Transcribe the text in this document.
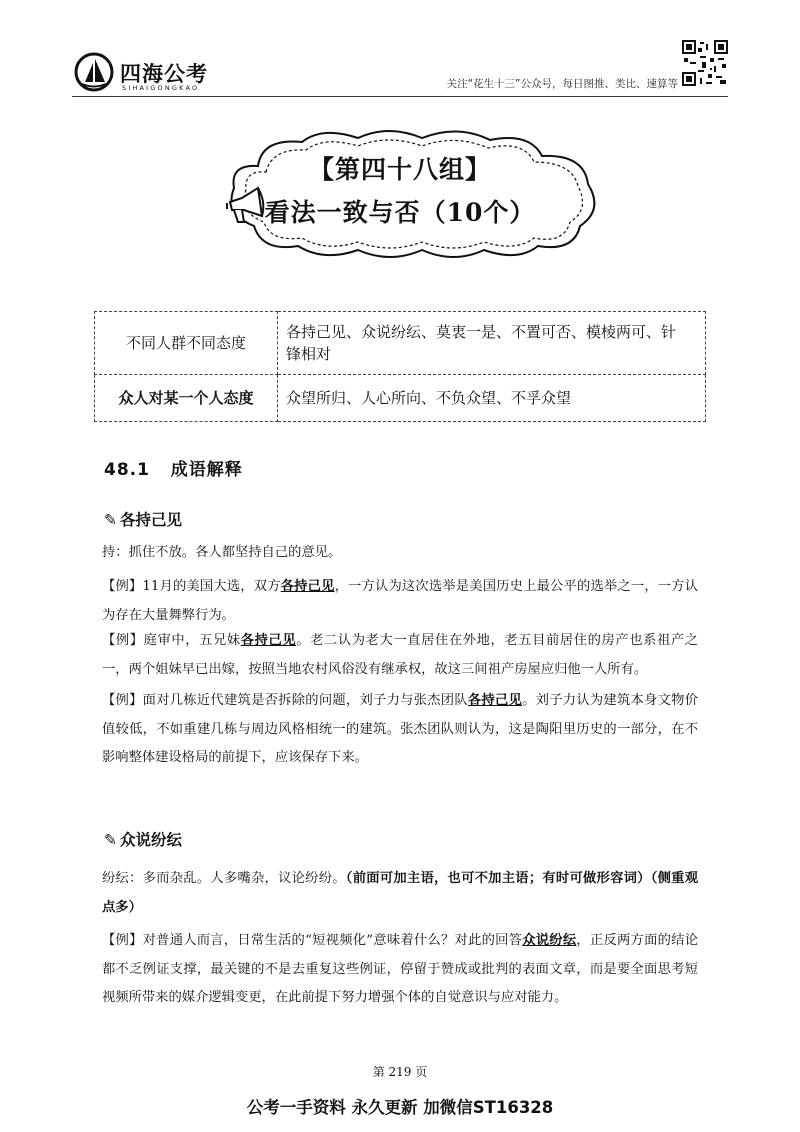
四海公考
SIHAIGONGKAO	关注“花生十三”公众号，每日图推、类比、速算等
【第四十八组】
看法一致与否（10个）
不同人群不同态度	各持己见、众说纷纭、莫衷一是、不置可否、模棱两可、针
锋相对
众人对某一个人态度	众望所归、人心所向、不负众望、不孚众望
48.1 成语解释
✎ 各持己见
持：抓住不放。各人都坚持自己的意见。
【例】11月的美国大选，双方各持己见，一方认为这次选举是美国历史上最公平的选举之一，一方认为存在大量舞弊行为。
【例】庭审中，五兄妹各持己见。老二认为老大一直居住在外地，老五目前居住的房产也系祖产之一，两个姐妹早已出嫁，按照当地农村风俗没有继承权，故这三间祖产房屋应归他一人所有。
【例】面对几栋近代建筑是否拆除的问题，刘子力与张杰团队各持己见。刘子力认为建筑本身文物价值较低，不如重建几栋与周边风格相统一的建筑。张杰团队则认为，这是陶阳里历史的一部分，在不影响整体建设格局的前提下，应该保存下来。
✎ 众说纷纭
纷纭：多而杂乱。人多嘴杂，议论纷纷。（前面可加主语，也可不加主语；有时可做形容词）（侧重观点多）
【例】对普通人而言，日常生活的“短视频化”意味着什么？对此的回答众说纷纭，正反两方面的结论都不乏例证支撑，最关键的不是去重复这些例证，停留于赞成或批判的表面文章，而是要全面思考短视频所带来的媒介逻辑变更，在此前提下努力增强个体的自觉意识与应对能力。
第 219 页
公考一手资料 永久更新 加微信ST16328
